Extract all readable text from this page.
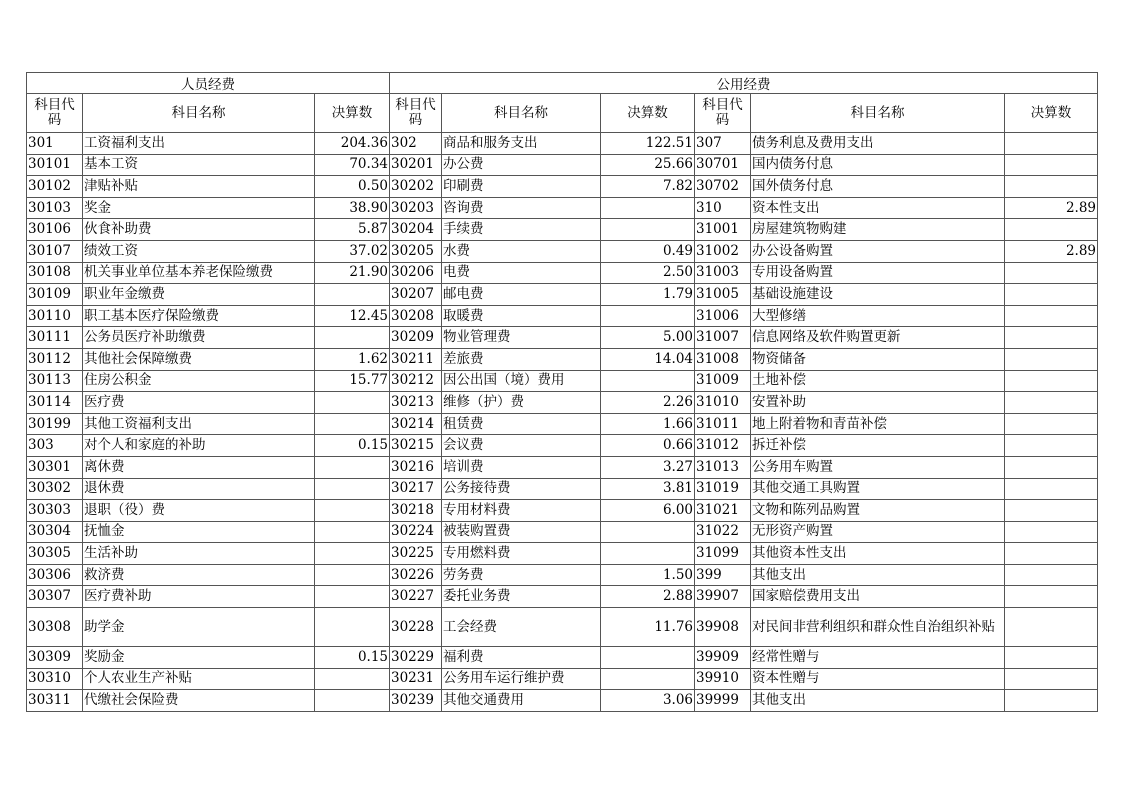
人员经费			公用经费					
科目代码	科目名称	决算数	科目代码	科目名称	决算数	科目代码	科目名称	决算数
301	工资福利支出	204.36	302	商品和服务支出	122.51	307	债务利息及费用支出	
30101	基本工资	70.34	30201	办公费	25.66	30701	国内债务付息	
30102	津贴补贴	0.50	30202	印刷费	7.82	30702	国外债务付息	
30103	奖金	38.90	30203	咨询费		310	资本性支出	2.89
30106	伙食补助费	5.87	30204	手续费		31001	房屋建筑物购建	
30107	绩效工资	37.02	30205	水费	0.49	31002	办公设备购置	2.89
30108	机关事业单位基本养老保险缴费	21.90	30206	电费	2.50	31003	专用设备购置	
30109	职业年金缴费		30207	邮电费	1.79	31005	基础设施建设	
30110	职工基本医疗保险缴费	12.45	30208	取暖费		31006	大型修缮	
30111	公务员医疗补助缴费		30209	物业管理费	5.00	31007	信息网络及软件购置更新	
30112	其他社会保障缴费	1.62	30211	差旅费	14.04	31008	物资储备	
30113	住房公积金	15.77	30212	因公出国（境）费用		31009	土地补偿	
30114	医疗费		30213	维修（护）费	2.26	31010	安置补助	
30199	其他工资福利支出		30214	租赁费	1.66	31011	地上附着物和青苗补偿	
303	对个人和家庭的补助	0.15	30215	会议费	0.66	31012	拆迁补偿	
30301	离休费		30216	培训费	3.27	31013	公务用车购置	
30302	退休费		30217	公务接待费	3.81	31019	其他交通工具购置	
30303	退职（役）费		30218	专用材料费	6.00	31021	文物和陈列品购置	
30304	抚恤金		30224	被装购置费		31022	无形资产购置	
30305	生活补助		30225	专用燃料费		31099	其他资本性支出	
30306	救济费		30226	劳务费	1.50	399	其他支出	
30307	医疗费补助		30227	委托业务费	2.88	39907	国家赔偿费用支出	
30308	助学金		30228	工会经费	11.76	39908	对民间非营利组织和群众性自治组织补贴	
30309	奖励金	0.15	30229	福利费		39909	经常性赠与	
30310	个人农业生产补贴		30231	公务用车运行维护费		39910	资本性赠与	
30311	代缴社会保险费		30239	其他交通费用	3.06	39999	其他支出	
